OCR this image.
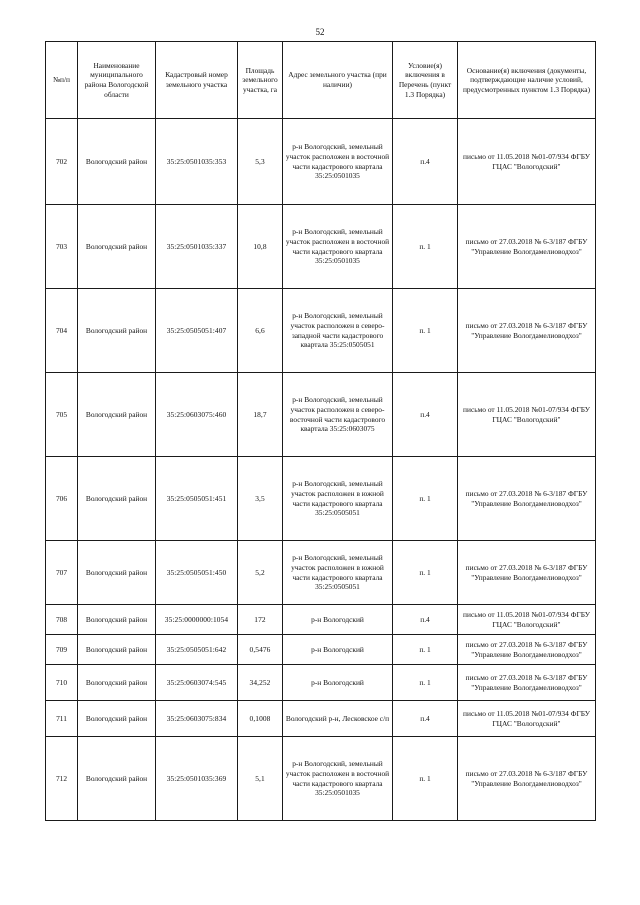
52
№п/п	Наименование муниципального района Вологодской области	Кадастровый номер земельного участка	Площадь земельного участка, га	Адрес земельного участка (при наличии)	Условие(я) включения в Перечень (пункт 1.3 Порядка)	Основание(я) включения (документы, подтверждающие наличие условий, предусмотренных пунктом 1.3 Порядка)
702	Вологодский район	35:25:0501035:353	5,3	р-н Вологодский, земельный участок расположен в восточной части кадастрового квартала 35:25:0501035	п.4	письмо от 11.05.2018 №01-07/934 ФГБУ ГЦАС "Вологодский"
703	Вологодский район	35:25:0501035:337	10,8	р-н Вологодский, земельный участок расположен в восточной части кадастрового квартала 35:25:0501035	п. 1	письмо от 27.03.2018 № 6-3/187 ФГБУ "Управление Вологдамелиоводхоз"
704	Вологодский район	35:25:0505051:407	6,6	р-н Вологодский, земельный участок расположен в северо-западной части кадастрового квартала 35:25:0505051	п. 1	письмо от 27.03.2018 № 6-3/187 ФГБУ "Управление Вологдамелиоводхоз"
705	Вологодский район	35:25:0603075:460	18,7	р-н Вологодский, земельный участок расположен в северо-восточной части кадастрового квартала 35:25:0603075	п.4	письмо от 11.05.2018 №01-07/934 ФГБУ ГЦАС "Вологодский"
706	Вологодский район	35:25:0505051:451	3,5	р-н Вологодский, земельный участок расположен в южной части кадастрового квартала 35:25:0505051	п. 1	письмо от 27.03.2018 № 6-3/187 ФГБУ "Управление Вологдамелиоводхоз"
707	Вологодский район	35:25:0505051:450	5,2	р-н Вологодский, земельный участок расположен в южной части кадастрового квартала 35:25:0505051	п. 1	письмо от 27.03.2018 № 6-3/187 ФГБУ "Управление Вологдамелиоводхоз"
708	Вологодский район	35:25:0000000:1054	172	р-н Вологодский	п.4	письмо от 11.05.2018 №01-07/934 ФГБУ ГЦАС "Вологодский"
709	Вологодский район	35:25:0505051:642	0,5476	р-н Вологодский	п. 1	письмо от 27.03.2018 № 6-3/187 ФГБУ "Управление Вологдамелиоводхоз"
710	Вологодский район	35:25:0603074:545	34,252	р-н Вологодский	п. 1	письмо от 27.03.2018 № 6-3/187 ФГБУ "Управление Вологдамелиоводхоз"
711	Вологодский район	35:25:0603075:834	0,1008	Вологодский р-н, Лесковское с/п	п.4	письмо от 11.05.2018 №01-07/934 ФГБУ ГЦАС "Вологодский"
712	Вологодский район	35:25:0501035:369	5,1	р-н Вологодский, земельный участок расположен в восточной части кадастрового квартала 35:25:0501035	п. 1	письмо от 27.03.2018 № 6-3/187 ФГБУ "Управление Вологдамелиоводхоз"
